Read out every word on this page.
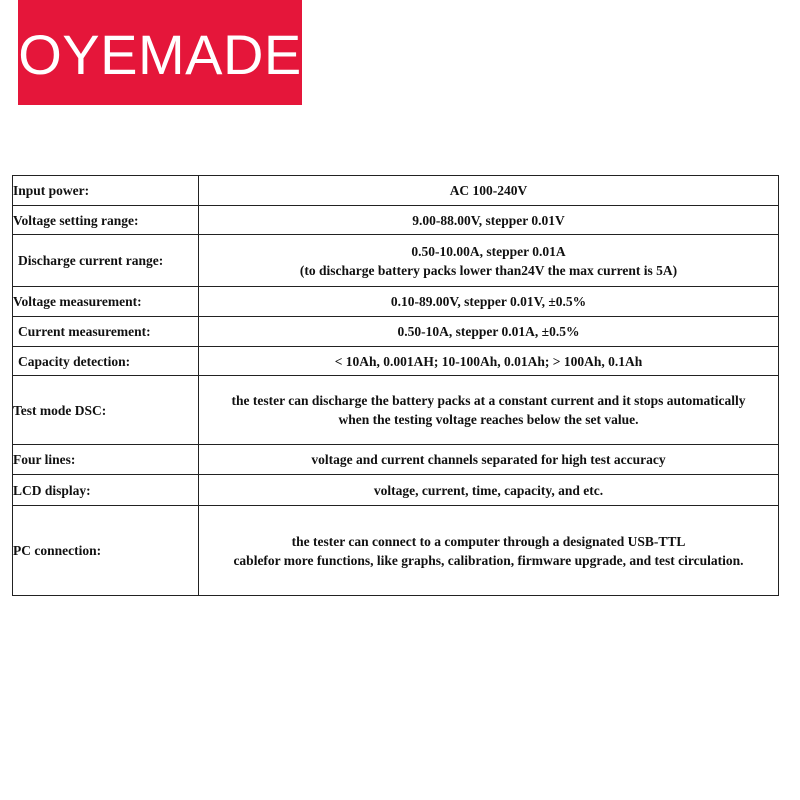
OYEMADE
Input power:	AC 100-240V

Voltage setting range:	9.00-88.00V, stepper 0.01V

Discharge current range:	0.50-10.00A, stepper 0.01A
(to discharge battery packs lower than24V the max current is 5A)

Voltage measurement:	0.10-89.00V, stepper 0.01V, ±0.5%

Current measurement:	0.50-10A, stepper 0.01A, ±0.5%

Capacity detection:	< 10Ah, 0.001AH; 10-100Ah, 0.01Ah; > 100Ah, 0.1Ah

Test mode DSC:	the tester can discharge the battery packs at a constant current and it stops automatically
when the testing voltage reaches below the set value.

Four lines:	voltage and current channels separated for high test accuracy

LCD display:	voltage, current, time, capacity, and etc.

PC connection:	the tester can connect to a computer through a designated USB-TTL
cablefor more functions, like graphs, calibration, firmware upgrade, and test circulation.
